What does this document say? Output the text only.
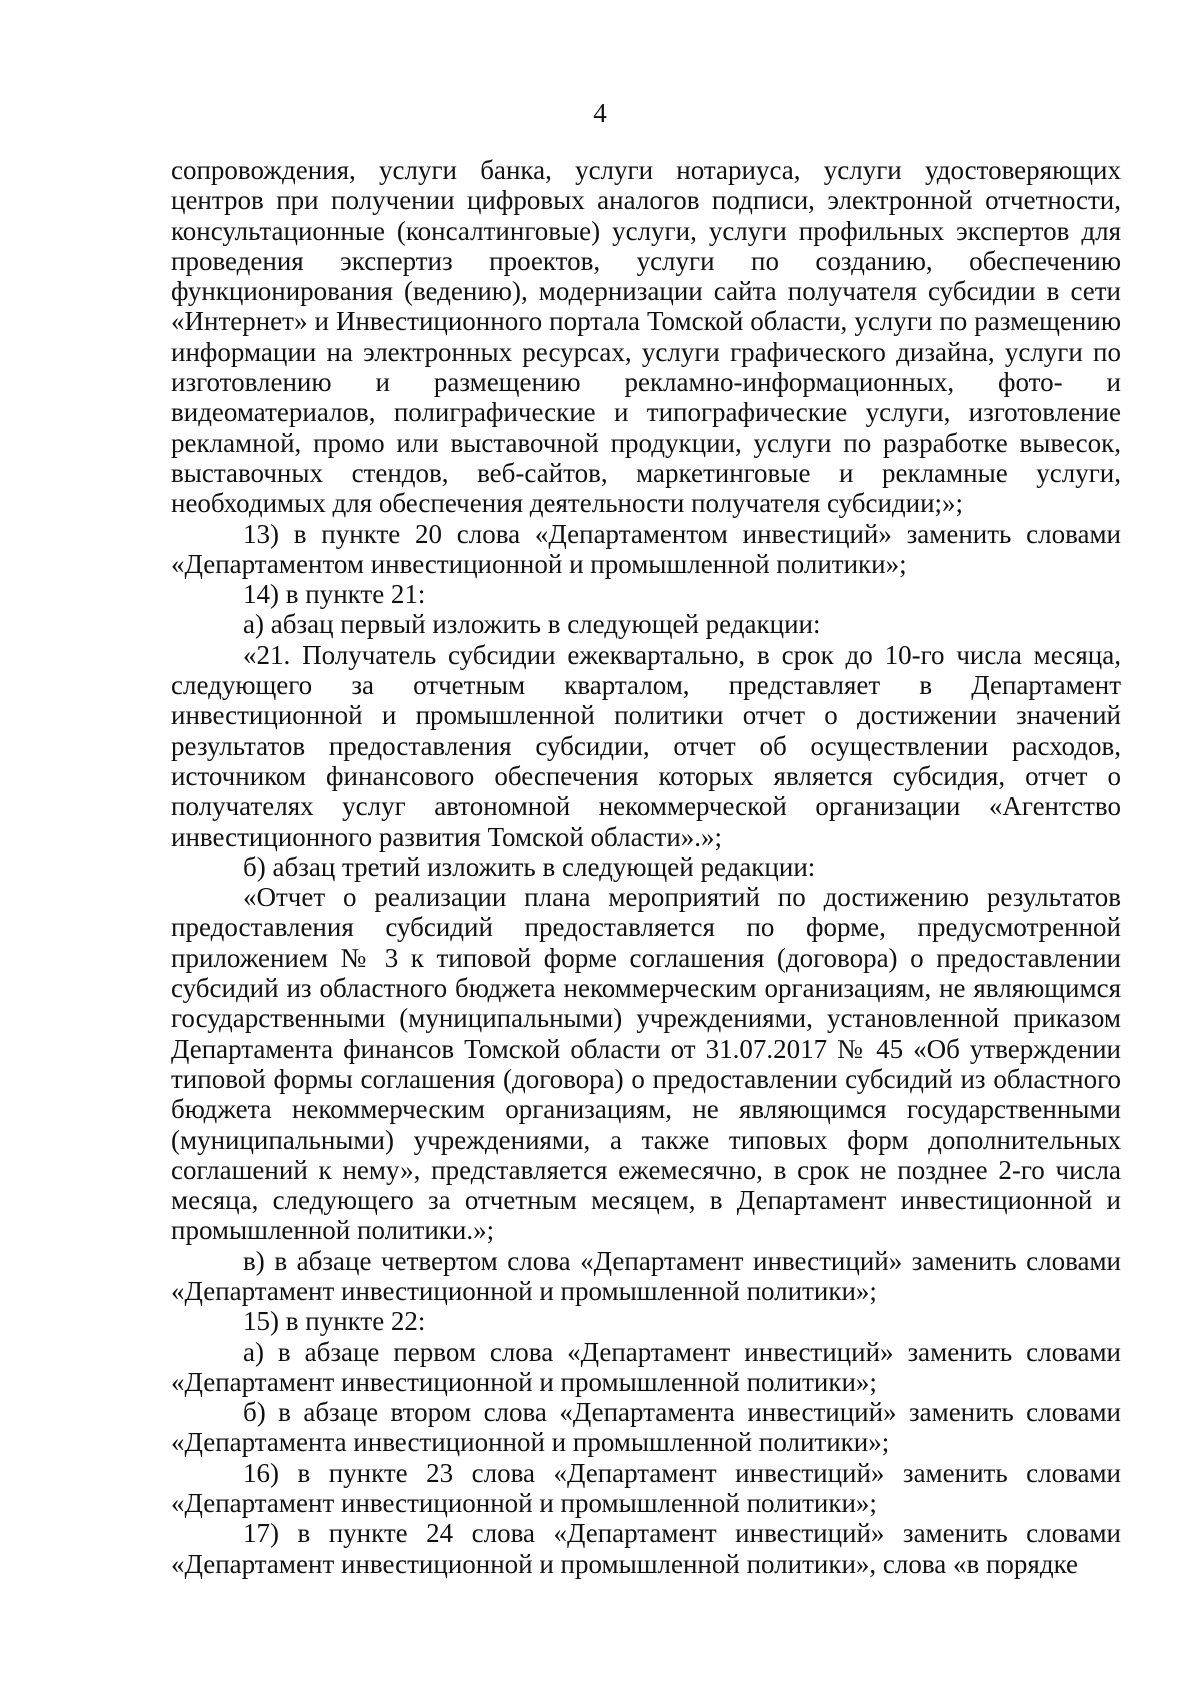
4

сопровождения, услуги банка, услуги нотариуса, услуги удостоверяющих центров при получении цифровых аналогов подписи, электронной отчетности, консультационные (консалтинговые) услуги, услуги профильных экспертов для проведения экспертиз проектов, услуги по созданию, обеспечению функционирования (ведению), модернизации сайта получателя субсидии в сети «Интернет» и Инвестиционного портала Томской области, услуги по размещению информации на электронных ресурсах, услуги графического дизайна, услуги по изготовлению и размещению рекламно-информационных, фото- и видеоматериалов, полиграфические и типографические услуги, изготовление рекламной, промо или выставочной продукции, услуги по разработке вывесок, выставочных стендов, веб-сайтов, маркетинговые и рекламные услуги, необходимых для обеспечения деятельности получателя субсидии;»;

13) в пункте 20 слова «Департаментом инвестиций» заменить словами «Департаментом инвестиционной и промышленной политики»;

14) в пункте 21:

а) абзац первый изложить в следующей редакции:

«21. Получатель субсидии ежеквартально, в срок до 10-го числа месяца, следующего за отчетным кварталом, представляет в Департамент инвестиционной и промышленной политики отчет о достижении значений результатов предоставления субсидии, отчет об осуществлении расходов, источником финансового обеспечения которых является субсидия, отчет о получателях услуг автономной некоммерческой организации «Агентство инвестиционного развития Томской области».»;

б) абзац третий изложить в следующей редакции:

«Отчет о реализации плана мероприятий по достижению результатов предоставления субсидий предоставляется по форме, предусмотренной приложением № 3 к типовой форме соглашения (договора) о предоставлении субсидий из областного бюджета некоммерческим организациям, не являющимся государственными (муниципальными) учреждениями, установленной приказом Департамента финансов Томской области от 31.07.2017 № 45 «Об утверждении типовой формы соглашения (договора) о предоставлении субсидий из областного бюджета некоммерческим организациям, не являющимся государственными (муниципальными) учреждениями, а также типовых форм дополнительных соглашений к нему», представляется ежемесячно, в срок не позднее 2-го числа месяца, следующего за отчетным месяцем, в Департамент инвестиционной и промышленной политики.»;

в) в абзаце четвертом слова «Департамент инвестиций» заменить словами «Департамент инвестиционной и промышленной политики»;

15) в пункте 22:

а) в абзаце первом слова «Департамент инвестиций» заменить словами «Департамент инвестиционной и промышленной политики»;

б) в абзаце втором слова «Департамента инвестиций» заменить словами «Департамента инвестиционной и промышленной политики»;

16) в пункте 23 слова «Департамент инвестиций» заменить словами «Департамент инвестиционной и промышленной политики»;

17) в пункте 24 слова «Департамент инвестиций» заменить словами «Департамент инвестиционной и промышленной политики», слова «в порядке
